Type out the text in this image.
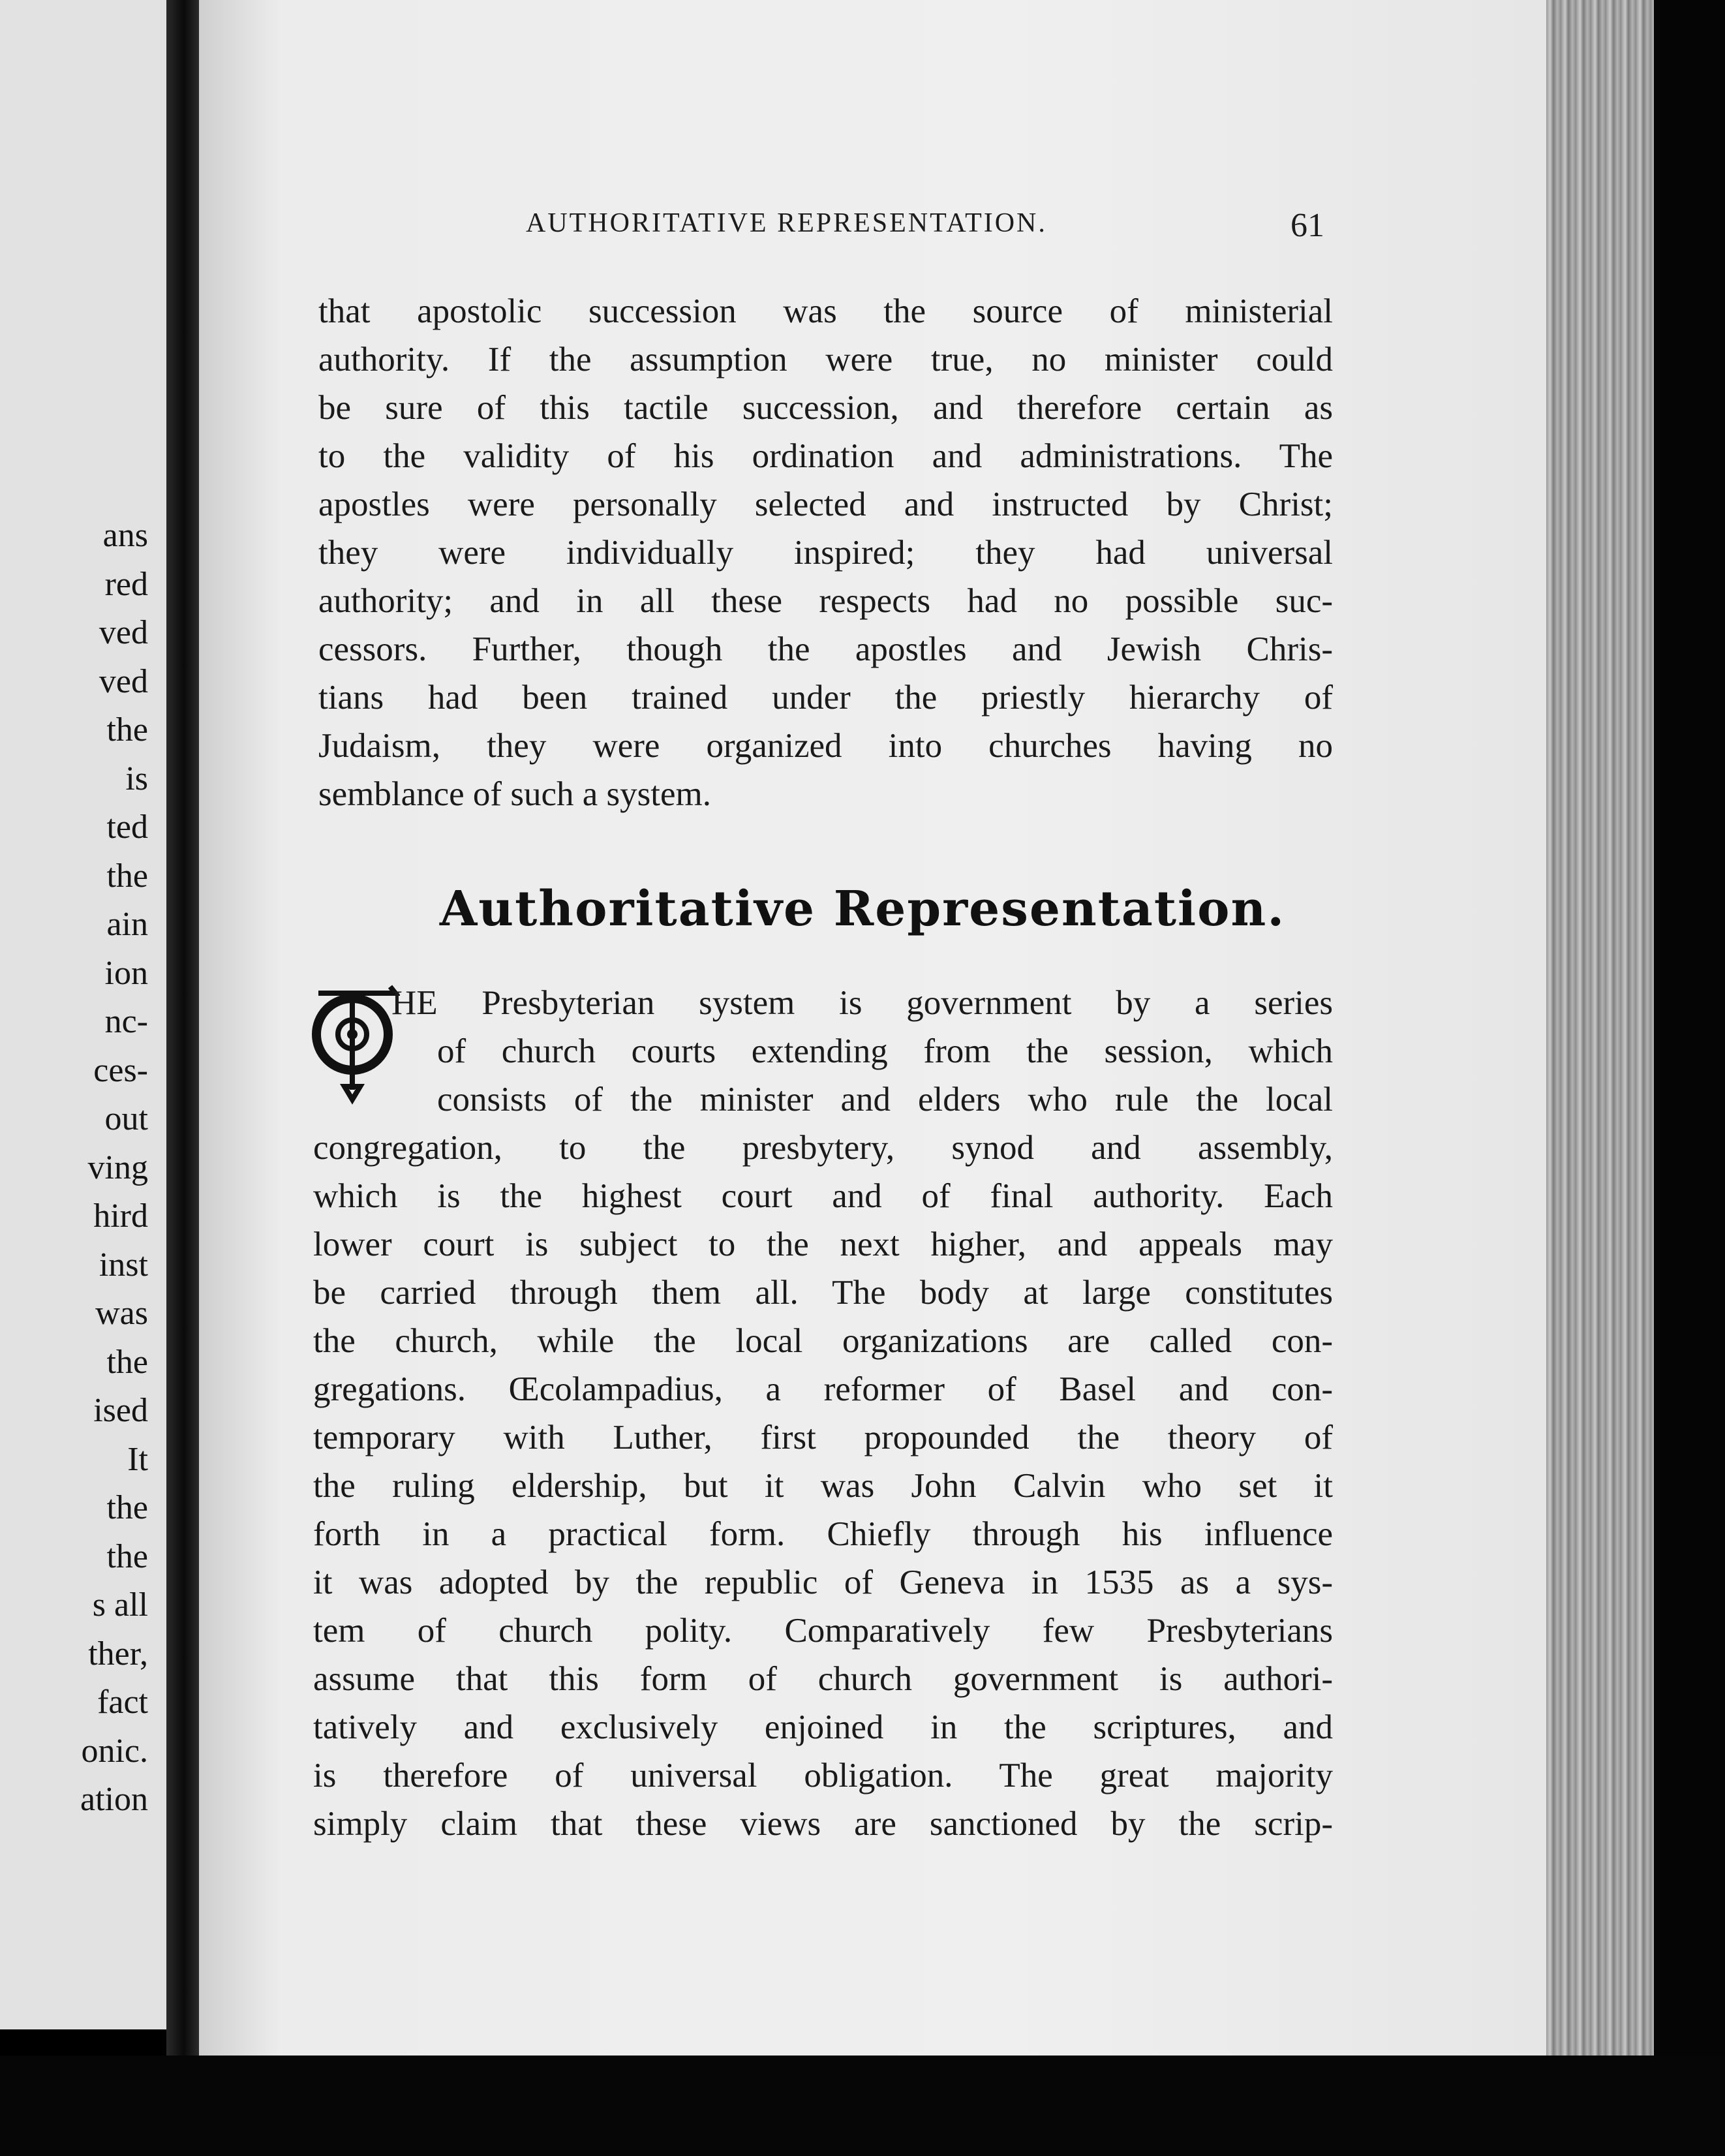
ans
red
ved
ved
the
is
ted
the
ain
ion
nc-
ces-
out
ving
hird
inst
was
the
ised
It
the
the
s all
ther,
fact
onic.
ation
AUTHORITATIVE REPRESENTATION.	61
that apostolic succession was the source of ministerial
authority. If the assumption were true, no minister could
be sure of this tactile succession, and therefore certain as
to the validity of his ordination and administrations. The
apostles were personally selected and instructed by Christ;
they were individually inspired; they had universal
authority; and in all these respects had no possible suc-
cessors. Further, though the apostles and Jewish Chris-
tians had been trained under the priestly hierarchy of
Judaism, they were organized into churches having no
semblance of such a system.
Authoritative Representation.
HE Presbyterian system is government by a series
of church courts extending from the session, which
consists of the minister and elders who rule the local
congregation, to the presbytery, synod and assembly,
which is the highest court and of final authority. Each
lower court is subject to the next higher, and appeals may
be carried through them all. The body at large constitutes
the church, while the local organizations are called con-
gregations. Œcolampadius, a reformer of Basel and con-
temporary with Luther, first propounded the theory of
the ruling eldership, but it was John Calvin who set it
forth in a practical form. Chiefly through his influence
it was adopted by the republic of Geneva in 1535 as a sys-
tem of church polity. Comparatively few Presbyterians
assume that this form of church government is authori-
tatively and exclusively enjoined in the scriptures, and
is therefore of universal obligation. The great majority
simply claim that these views are sanctioned by the scrip-
